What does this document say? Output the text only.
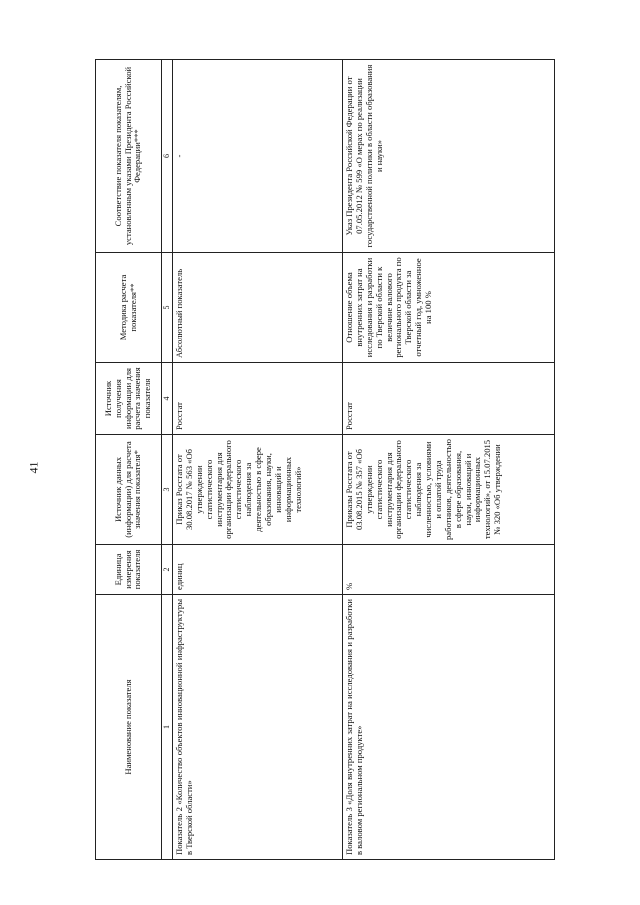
41
Наименование показателя	Единица измерения показателя	Источник данных (информации) для расчета значения показателя*	Источник получения информации для расчета значения показателя	Методика расчета показателя**	Соответствие показателя показателям, установленным указами Президента Российской Федерации***
1	2	3	4	5	6
Показатель 2 «Количество объектов инновационной инфраструктуры в Тверской области»	единиц	Приказ Росстата от 30.08.2017 № 563 «Об утверждении статистического инструментария для организации федерального статистического наблюдения за деятельностью в сфере образования, науки, инноваций и информационных технологий»	Росстат	Абсолютный показатель	-
Показатель 3 «Доля внутренних затрат на исследования и разработки в валовом региональном продукте»	%	Приказы Росстата от 03.08.2015 № 357 «Об утверждении статистического инструментария для организации федерального статистического наблюдения за численностью, условиями и оплатой труда работников, деятельностью в сфере образования, науки, инноваций и информационных технологий», от 15.07.2015 № 320 «Об утверждении	Росстат	Отношение объема внутренних затрат на исследования и разработки по Тверской области к величине валового регионального продукта по Тверской области за отчетный год, умноженное на 100 %	Указ Президента Российской Федерации от 07.05.2012 № 599 «О мерах по реализации государственной политики в области образования и науки»
